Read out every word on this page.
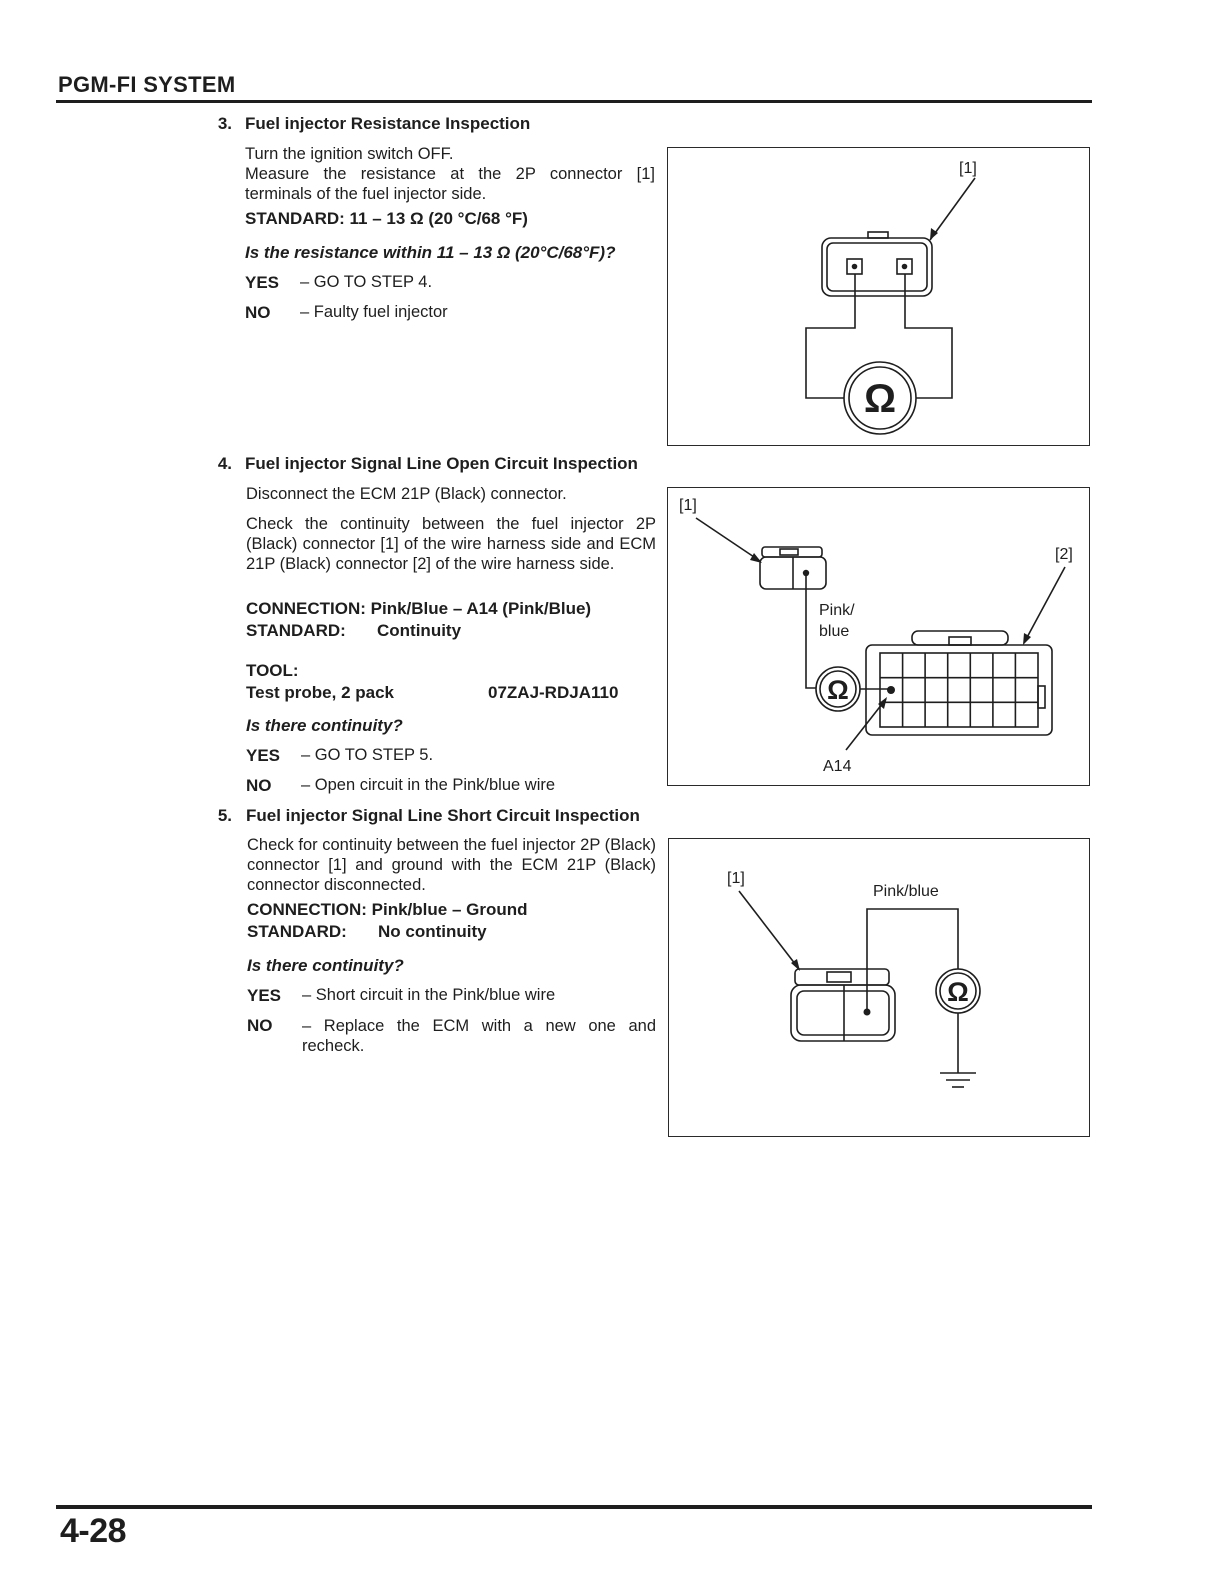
PGM-FI SYSTEM
3. Fuel injector Resistance Inspection

Turn the ignition switch OFF.

Measure the resistance at the 2P connector [1] terminals of the fuel injector side.

STANDARD: 11 – 13 Ω (20 °C/68 °F)
Is the resistance within 11 – 13 Ω (20°C/68°F)?
YES – GO TO STEP 4.
NO – Faulty fuel injector
[1]
Ω
4. Fuel injector Signal Line Open Circuit Inspection

Disconnect the ECM 21P (Black) connector.

Check the continuity between the fuel injector 2P (Black) connector [1] of the wire harness side and ECM 21P (Black) connector [2] of the wire harness side.

CONNECTION: Pink/Blue – A14 (Pink/Blue)
STANDARD: Continuity
TOOL:
Test probe, 2 pack	07ZAJ-RDJA110
Is there continuity?
YES – GO TO STEP 5.
NO – Open circuit in the Pink/blue wire
[1]
Pink/
blue
Ω
[2]
A14
5. Fuel injector Signal Line Short Circuit Inspection

Check for continuity between the fuel injector 2P (Black) connector [1] and ground with the ECM 21P (Black) connector disconnected.

CONNECTION: Pink/blue – Ground
STANDARD: No continuity
Is there continuity?
YES – Short circuit in the Pink/blue wire
NO – Replace the ECM with a new one and recheck.
[1]
Pink/blue
Ω
4-28
